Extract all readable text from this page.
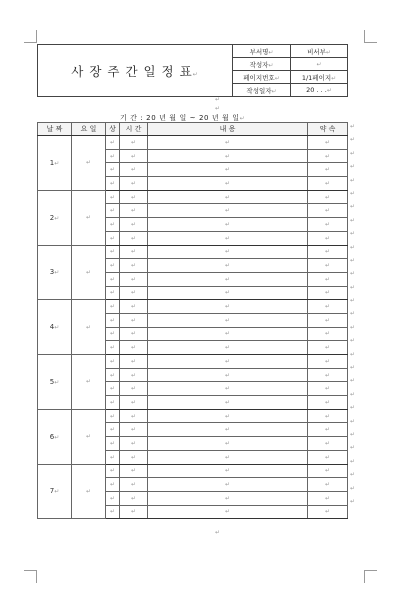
사 장 주 간 일 정 표↵	부서명↵	비서부↵
	작성자↵	↵
	페이지번호↵	1/1페이지↵
	작성일자↵	20 . . .↵
↵
↵
기 간 : 20 년 월 일 ~ 20 년 월 일↵
날 짜	요 일	상	시 간	내 용	약 속
1↵	↵	↵	↵	↵	↵
		↵	↵	↵	↵
		↵	↵	↵	↵
		↵	↵	↵	↵
2↵	↵	↵	↵	↵	↵
		↵	↵	↵	↵
		↵	↵	↵	↵
		↵	↵	↵	↵
3↵	↵	↵	↵	↵	↵
		↵	↵	↵	↵
		↵	↵	↵	↵
		↵	↵	↵	↵
4↵	↵	↵	↵	↵	↵
		↵	↵	↵	↵
		↵	↵	↵	↵
		↵	↵	↵	↵
5↵	↵	↵	↵	↵	↵
		↵	↵	↵	↵
		↵	↵	↵	↵
		↵	↵	↵	↵
6↵	↵	↵	↵	↵	↵
		↵	↵	↵	↵
		↵	↵	↵	↵
		↵	↵	↵	↵
7↵	↵	↵	↵	↵	↵
		↵	↵	↵	↵
		↵	↵	↵	↵
		↵	↵	↵	↵
↵
↵
↵
↵
↵
↵
↵
↵
↵
↵
↵
↵
↵
↵
↵
↵
↵
↵
↵
↵
↵
↵
↵
↵
↵
↵
↵
↵
↵
↵
